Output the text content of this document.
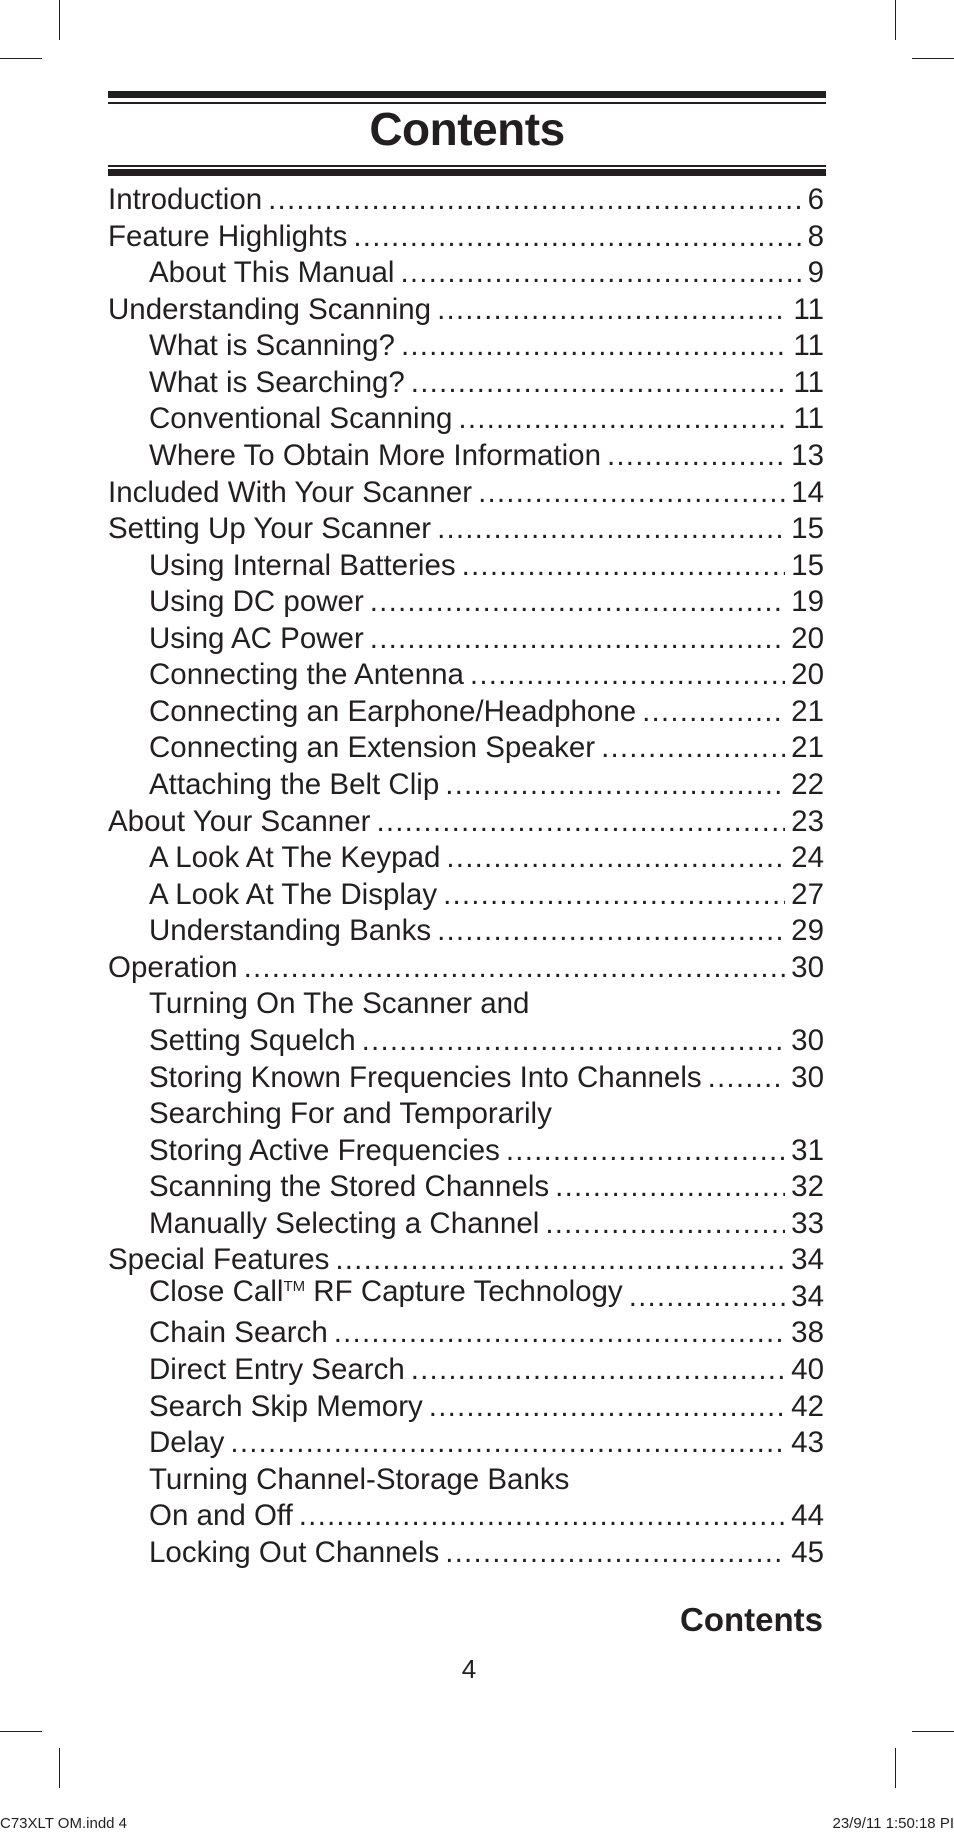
Contents
Introduction .....	6
Feature Highlights .....	8
About This Manual .....	9
Understanding Scanning .....	11
What is Scanning? .....	11
What is Searching? .....	11
Conventional Scanning .....	11
Where To Obtain More Information .....	13
Included With Your Scanner .....	14
Setting Up Your Scanner .....	15
Using Internal Batteries .....	15
Using DC power .....	19
Using AC Power .....	20
Connecting the Antenna .....	20
Connecting an Earphone/Headphone .....	21
Connecting an Extension Speaker .....	21
Attaching the Belt Clip .....	22
About Your Scanner .....	23
A Look At The Keypad .....	24
A Look At The Display .....	27
Understanding Banks .....	29
Operation .....	30
Turning On The Scanner and
Setting Squelch .....	30
Storing Known Frequencies Into Channels .....	30
Searching For and Temporarily
Storing Active Frequencies .....	31
Scanning the Stored Channels .....	32
Manually Selecting a Channel .....	33
Special Features .....	34
Close Call™ RF Capture Technology .....	34
Chain Search .....	38
Direct Entry Search .....	40
Search Skip Memory .....	42
Delay .....	43
Turning Channel-Storage Banks
On and Off .....	44
Locking Out Channels .....	45
Contents
4
C73XLT OM.indd 4	23/9/11 1:50:18 PI
